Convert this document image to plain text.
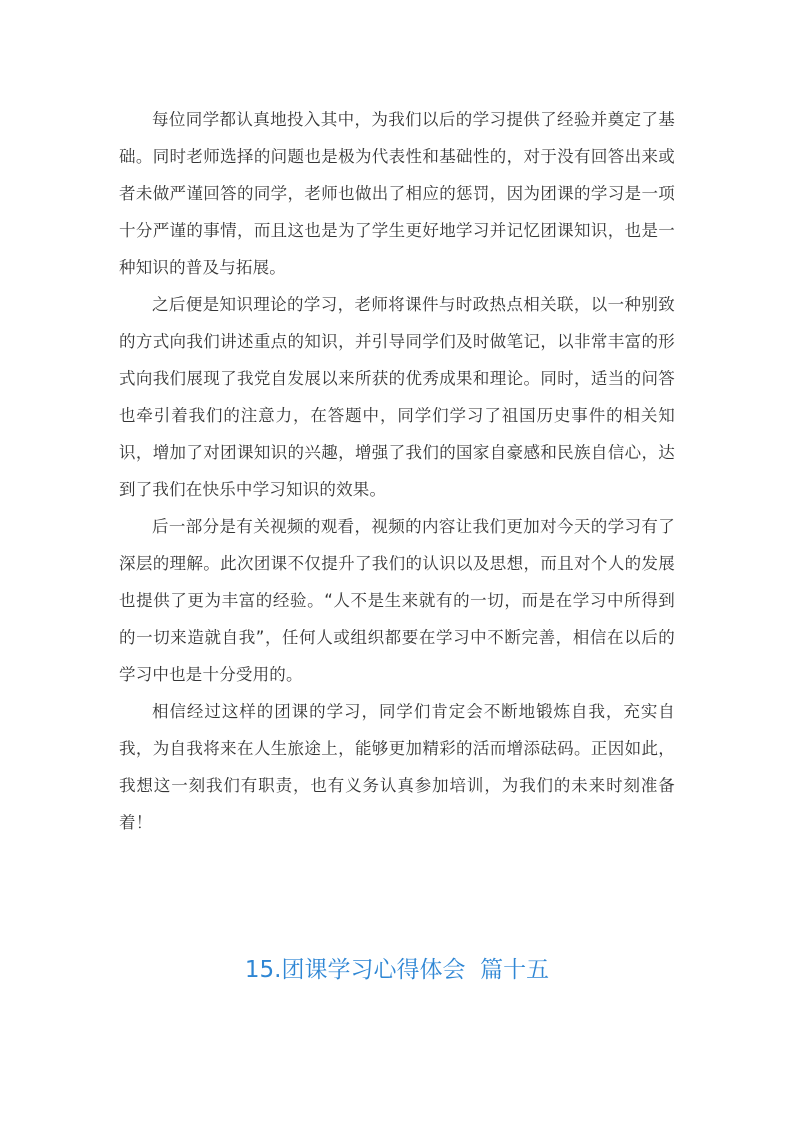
每位同学都认真地投入其中，为我们以后的学习提供了经验并奠定了基础。同时老师选择的问题也是极为代表性和基础性的，对于没有回答出来或者未做严谨回答的同学，老师也做出了相应的惩罚，因为团课的学习是一项十分严谨的事情，而且这也是为了学生更好地学习并记忆团课知识，也是一种知识的普及与拓展。

之后便是知识理论的学习，老师将课件与时政热点相关联，以一种别致的方式向我们讲述重点的知识，并引导同学们及时做笔记，以非常丰富的形式向我们展现了我党自发展以来所获的优秀成果和理论。同时，适当的问答也牵引着我们的注意力，在答题中，同学们学习了祖国历史事件的相关知识，增加了对团课知识的兴趣，增强了我们的国家自豪感和民族自信心，达到了我们在快乐中学习知识的效果。

后一部分是有关视频的观看，视频的内容让我们更加对今天的学习有了深层的理解。此次团课不仅提升了我们的认识以及思想，而且对个人的发展也提供了更为丰富的经验。“人不是生来就有的一切，而是在学习中所得到的一切来造就自我”，任何人或组织都要在学习中不断完善，相信在以后的学习中也是十分受用的。

相信经过这样的团课的学习，同学们肯定会不断地锻炼自我，充实自我，为自我将来在人生旅途上，能够更加精彩的活而增添砝码。正因如此，我想这一刻我们有职责，也有义务认真参加培训，为我们的未来时刻准备着！

15.团课学习心得体会  篇十五
